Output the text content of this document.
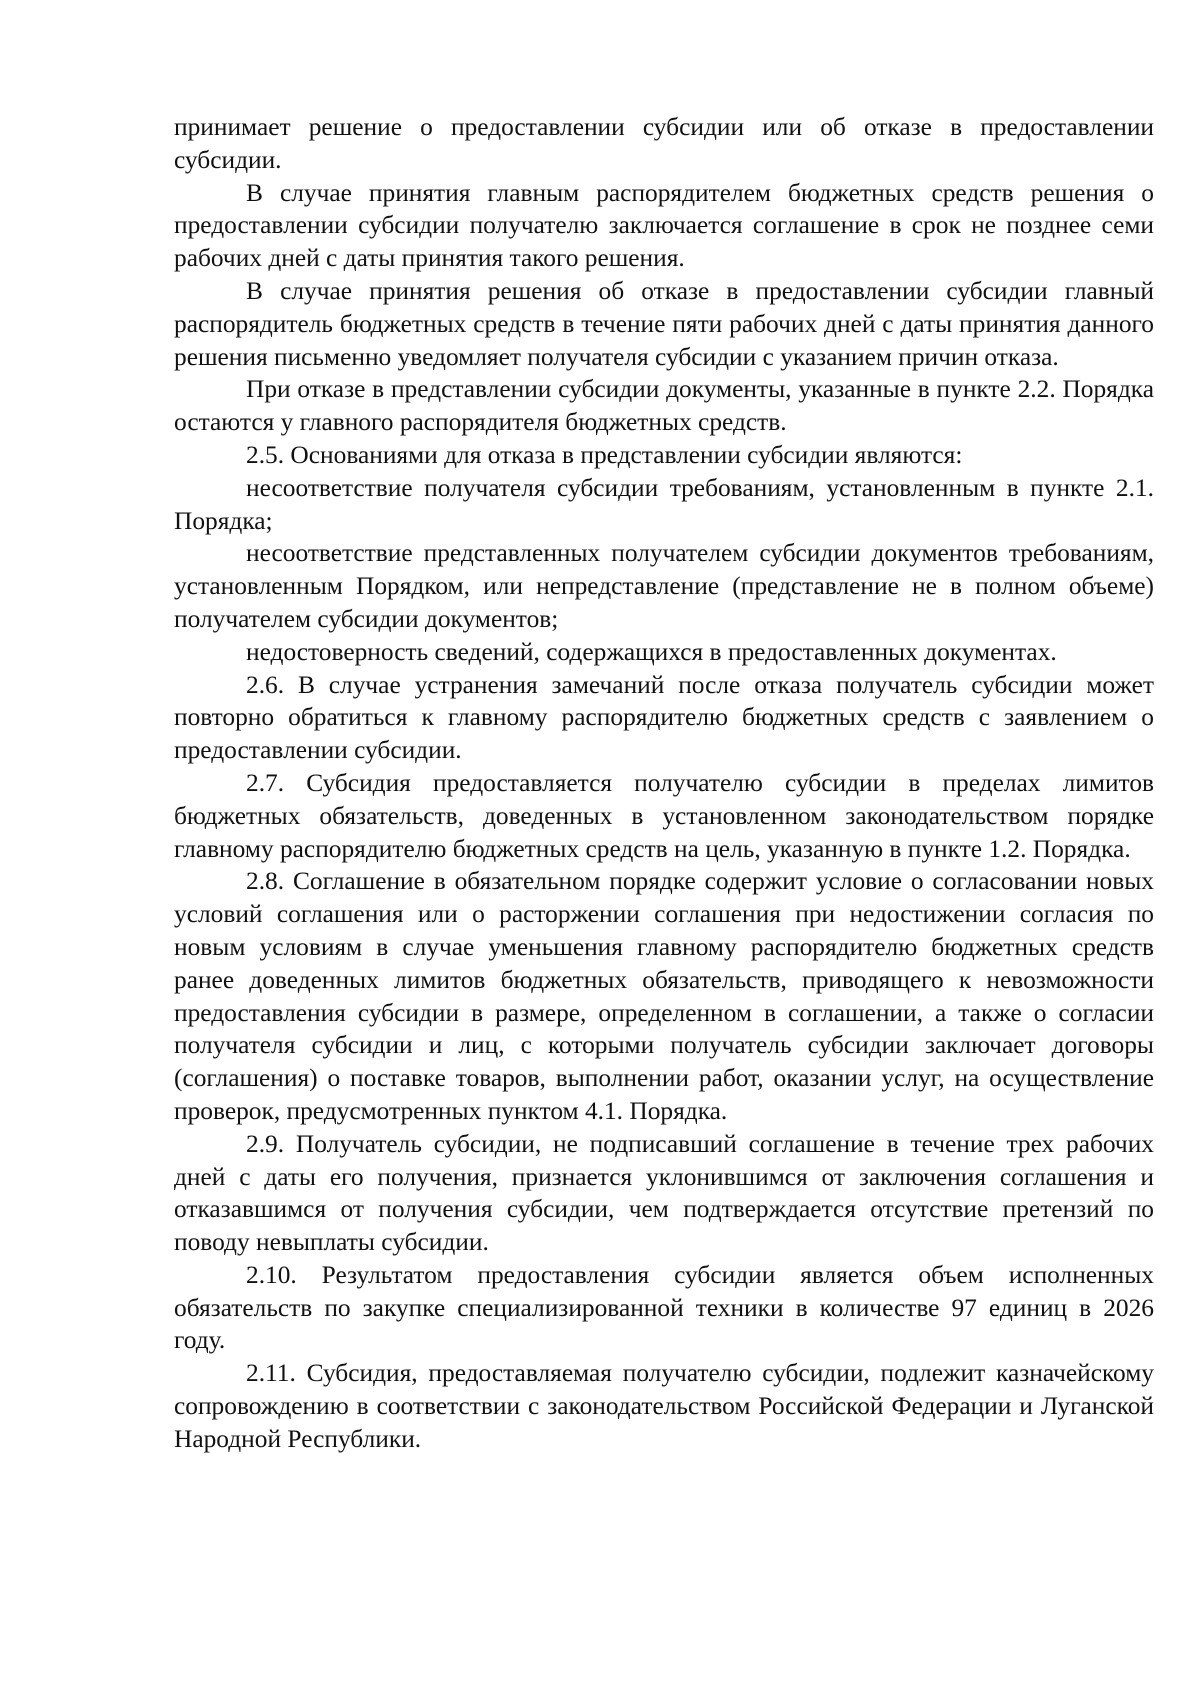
принимает решение о предоставлении субсидии или об отказе в предоставлении субсидии.

В случае принятия главным распорядителем бюджетных средств решения о предоставлении субсидии получателю заключается соглашение в срок не позднее семи рабочих дней с даты принятия такого решения.

В случае принятия решения об отказе в предоставлении субсидии главный распорядитель бюджетных средств в течение пяти рабочих дней с даты принятия данного решения письменно уведомляет получателя субсидии с указанием причин отказа.

При отказе в представлении субсидии документы, указанные в пункте 2.2. Порядка остаются у главного распорядителя бюджетных средств.

2.5. Основаниями для отказа в представлении субсидии являются:

несоответствие получателя субсидии требованиям, установленным в пункте 2.1. Порядка;

несоответствие представленных получателем субсидии документов требованиям, установленным Порядком, или непредставление (представление не в полном объеме) получателем субсидии документов;

недостоверность сведений, содержащихся в предоставленных документах.

2.6. В случае устранения замечаний после отказа получатель субсидии может повторно обратиться к главному распорядителю бюджетных средств с заявлением о предоставлении субсидии.

2.7. Субсидия предоставляется получателю субсидии в пределах лимитов бюджетных обязательств, доведенных в установленном законодательством порядке главному распорядителю бюджетных средств на цель, указанную в пункте 1.2. Порядка.

2.8. Соглашение в обязательном порядке содержит условие о согласовании новых условий соглашения или о расторжении соглашения при недостижении согласия по новым условиям в случае уменьшения главному распорядителю бюджетных средств ранее доведенных лимитов бюджетных обязательств, приводящего к невозможности предоставления субсидии в размере, определенном в соглашении, а также о согласии получателя субсидии и лиц, с которыми получатель субсидии заключает договоры (соглашения) о поставке товаров, выполнении работ, оказании услуг, на осуществление проверок, предусмотренных пунктом 4.1. Порядка.

2.9. Получатель субсидии, не подписавший соглашение в течение трех рабочих дней с даты его получения, признается уклонившимся от заключения соглашения и отказавшимся от получения субсидии, чем подтверждается отсутствие претензий по поводу невыплаты субсидии.

2.10. Результатом предоставления субсидии является объем исполненных обязательств по закупке специализированной техники в количестве 97 единиц в 2026 году.

2.11. Субсидия, предоставляемая получателю субсидии, подлежит казначейскому сопровождению в соответствии с законодательством Российской Федерации и Луганской Народной Республики.
